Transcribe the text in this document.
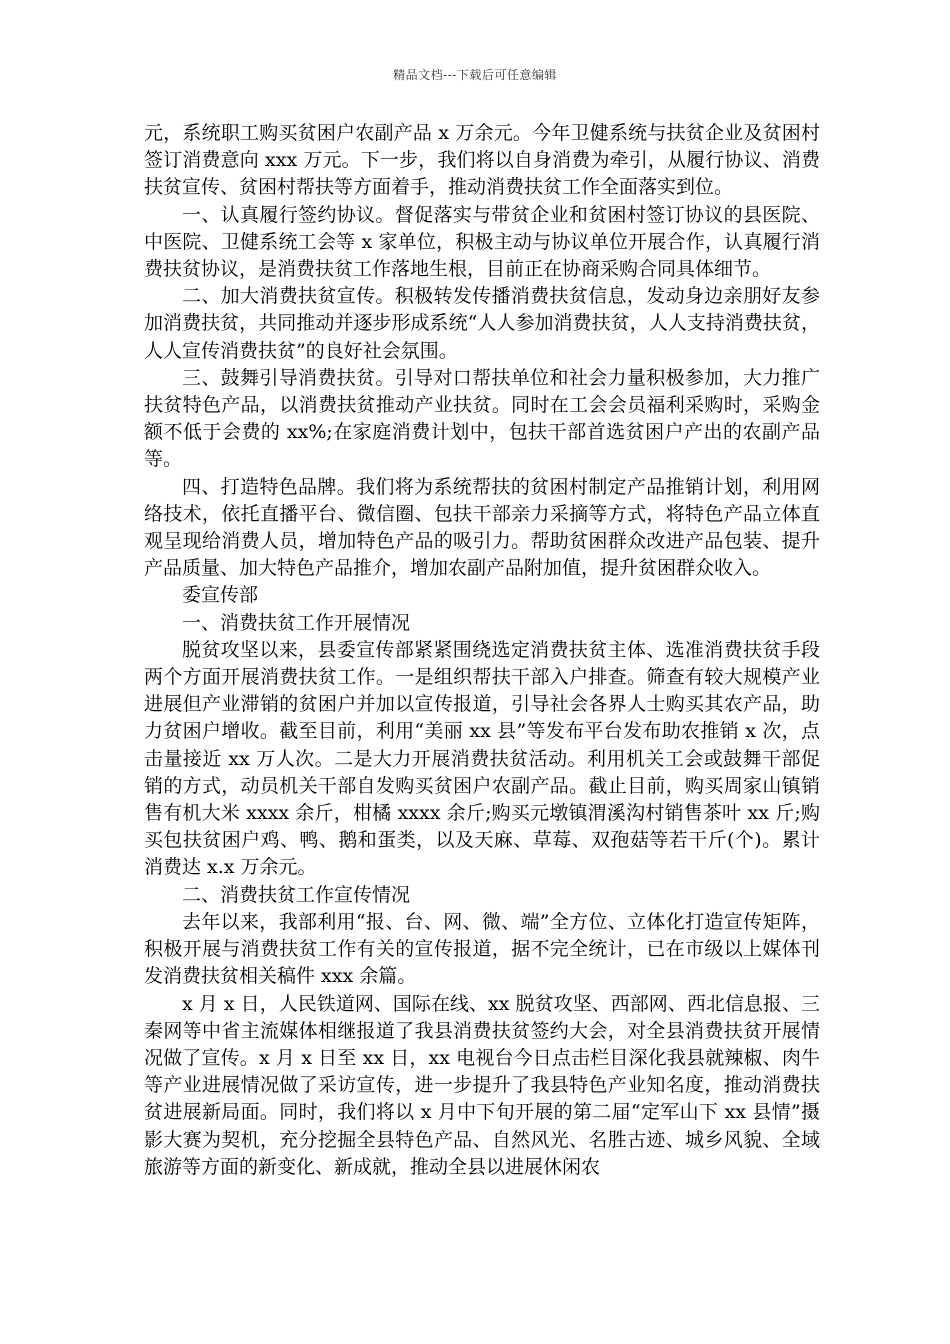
精品文档---下载后可任意编辑

元，系统职工购买贫困户农副产品 x 万余元。今年卫健系统与扶贫企业及贫困村签订消费意向 xxx 万元。下一步，我们将以自身消费为牵引，从履行协议、消费扶贫宣传、贫困村帮扶等方面着手，推动消费扶贫工作全面落实到位。

一、认真履行签约协议。督促落实与带贫企业和贫困村签订协议的县医院、中医院、卫健系统工会等 x 家单位，积极主动与协议单位开展合作，认真履行消费扶贫协议，是消费扶贫工作落地生根，目前正在协商采购合同具体细节。

二、加大消费扶贫宣传。积极转发传播消费扶贫信息，发动身边亲朋好友参加消费扶贫，共同推动并逐步形成系统“人人参加消费扶贫，人人支持消费扶贫，人人宣传消费扶贫”的良好社会氛围。

三、鼓舞引导消费扶贫。引导对口帮扶单位和社会力量积极参加，大力推广扶贫特色产品，以消费扶贫推动产业扶贫。同时在工会会员福利采购时，采购金额不低于会费的 xx%;在家庭消费计划中，包扶干部首选贫困户产出的农副产品等。

四、打造特色品牌。我们将为系统帮扶的贫困村制定产品推销计划，利用网络技术，依托直播平台、微信圈、包扶干部亲力采摘等方式，将特色产品立体直观呈现给消费人员，增加特色产品的吸引力。帮助贫困群众改进产品包装、提升产品质量、加大特色产品推介，增加农副产品附加值，提升贫困群众收入。

委宣传部

一、消费扶贫工作开展情况

脱贫攻坚以来，县委宣传部紧紧围绕选定消费扶贫主体、选准消费扶贫手段两个方面开展消费扶贫工作。一是组织帮扶干部入户排查。筛查有较大规模产业进展但产业滞销的贫困户并加以宣传报道，引导社会各界人士购买其农产品，助力贫困户增收。截至目前，利用“美丽 xx 县”等发布平台发布助农推销 x 次，点击量接近 xx 万人次。二是大力开展消费扶贫活动。利用机关工会或鼓舞干部促销的方式，动员机关干部自发购买贫困户农副产品。截止目前，购买周家山镇销售有机大米 xxxx 余斤，柑橘 xxxx 余斤;购买元墩镇渭溪沟村销售茶叶 xx 斤;购买包扶贫困户鸡、鸭、鹅和蛋类，以及天麻、草莓、双孢菇等若干斤(个)。累计消费达 x.x 万余元。

二、消费扶贫工作宣传情况

去年以来，我部利用“报、台、网、微、端”全方位、立体化打造宣传矩阵，积极开展与消费扶贫工作有关的宣传报道，据不完全统计，已在市级以上媒体刊发消费扶贫相关稿件 xxx 余篇。

x 月 x 日，人民铁道网、国际在线、xx 脱贫攻坚、西部网、西北信息报、三秦网等中省主流媒体相继报道了我县消费扶贫签约大会，对全县消费扶贫开展情况做了宣传。x 月 x 日至 xx 日，xx 电视台今日点击栏目深化我县就辣椒、肉牛等产业进展情况做了采访宣传，进一步提升了我县特色产业知名度，推动消费扶贫进展新局面。同时，我们将以 x 月中下旬开展的第二届“定军山下 xx 县情”摄影大赛为契机，充分挖掘全县特色产品、自然风光、名胜古迹、城乡风貌、全域旅游等方面的新变化、新成就，推动全县以进展休闲农
